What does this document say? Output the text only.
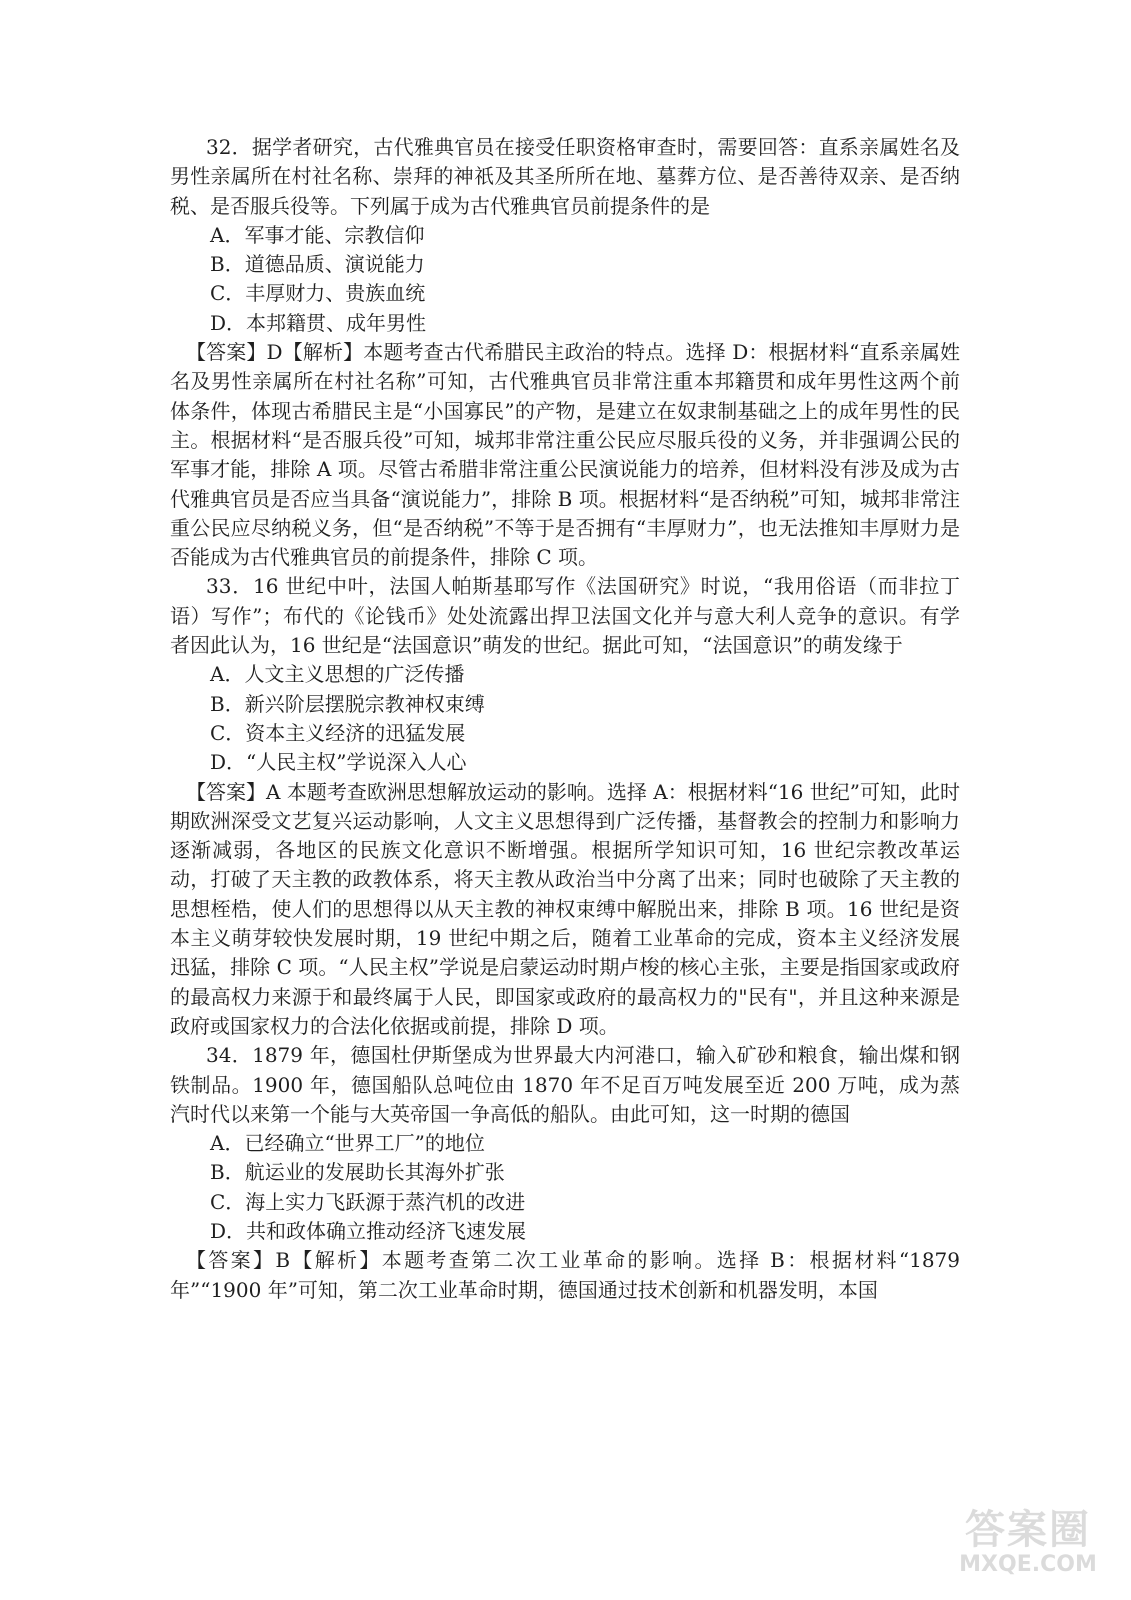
32．据学者研究，古代雅典官员在接受任职资格审查时，需要回答：直系亲属姓名及男性亲属所在村社名称、崇拜的神祇及其圣所所在地、墓葬方位、是否善待双亲、是否纳税、是否服兵役等。下列属于成为古代雅典官员前提条件的是

A．军事才能、宗教信仰
B．道德品质、演说能力
C．丰厚财力、贵族血统
D．本邦籍贯、成年男性

【答案】D【解析】本题考查古代希腊民主政治的特点。选择 D：根据材料“直系亲属姓名及男性亲属所在村社名称”可知，古代雅典官员非常注重本邦籍贯和成年男性这两个前体条件，体现古希腊民主是“小国寡民”的产物，是建立在奴隶制基础之上的成年男性的民主。根据材料“是否服兵役”可知，城邦非常注重公民应尽服兵役的义务，并非强调公民的军事才能，排除 A 项。尽管古希腊非常注重公民演说能力的培养，但材料没有涉及成为古代雅典官员是否应当具备“演说能力”，排除 B 项。根据材料“是否纳税”可知，城邦非常注重公民应尽纳税义务，但“是否纳税”不等于是否拥有“丰厚财力”，也无法推知丰厚财力是否能成为古代雅典官员的前提条件，排除 C 项。

33．16 世纪中叶，法国人帕斯基耶写作《法国研究》时说，“我用俗语（而非拉丁语）写作”；布代的《论钱币》处处流露出捍卫法国文化并与意大利人竞争的意识。有学者因此认为，16 世纪是“法国意识”萌发的世纪。据此可知，“法国意识”的萌发缘于

A．人文主义思想的广泛传播
B．新兴阶层摆脱宗教神权束缚
C．资本主义经济的迅猛发展
D．“人民主权”学说深入人心

【答案】A 本题考查欧洲思想解放运动的影响。选择 A：根据材料“16 世纪”可知，此时期欧洲深受文艺复兴运动影响，人文主义思想得到广泛传播，基督教会的控制力和影响力逐渐减弱，各地区的民族文化意识不断增强。根据所学知识可知，16 世纪宗教改革运动，打破了天主教的政教体系，将天主教从政治当中分离了出来；同时也破除了天主教的思想桎梏，使人们的思想得以从天主教的神权束缚中解脱出来，排除 B 项。16 世纪是资本主义萌芽较快发展时期，19 世纪中期之后，随着工业革命的完成，资本主义经济发展迅猛，排除 C 项。“人民主权”学说是启蒙运动时期卢梭的核心主张，主要是指国家或政府的最高权力来源于和最终属于人民，即国家或政府的最高权力的"民有"，并且这种来源是政府或国家权力的合法化依据或前提，排除 D 项。

34．1879 年，德国杜伊斯堡成为世界最大内河港口，输入矿砂和粮食，输出煤和钢铁制品。1900 年，德国船队总吨位由 1870 年不足百万吨发展至近 200 万吨，成为蒸汽时代以来第一个能与大英帝国一争高低的船队。由此可知，这一时期的德国

A．已经确立“世界工厂”的地位
B．航运业的发展助长其海外扩张
C．海上实力飞跃源于蒸汽机的改进
D．共和政体确立推动经济飞速发展

【答案】B【解析】本题考查第二次工业革命的影响。选择 B：根据材料“1879年”“1900 年”可知，第二次工业革命时期，德国通过技术创新和机器发明，本国

答案圈
MXQE.COM
